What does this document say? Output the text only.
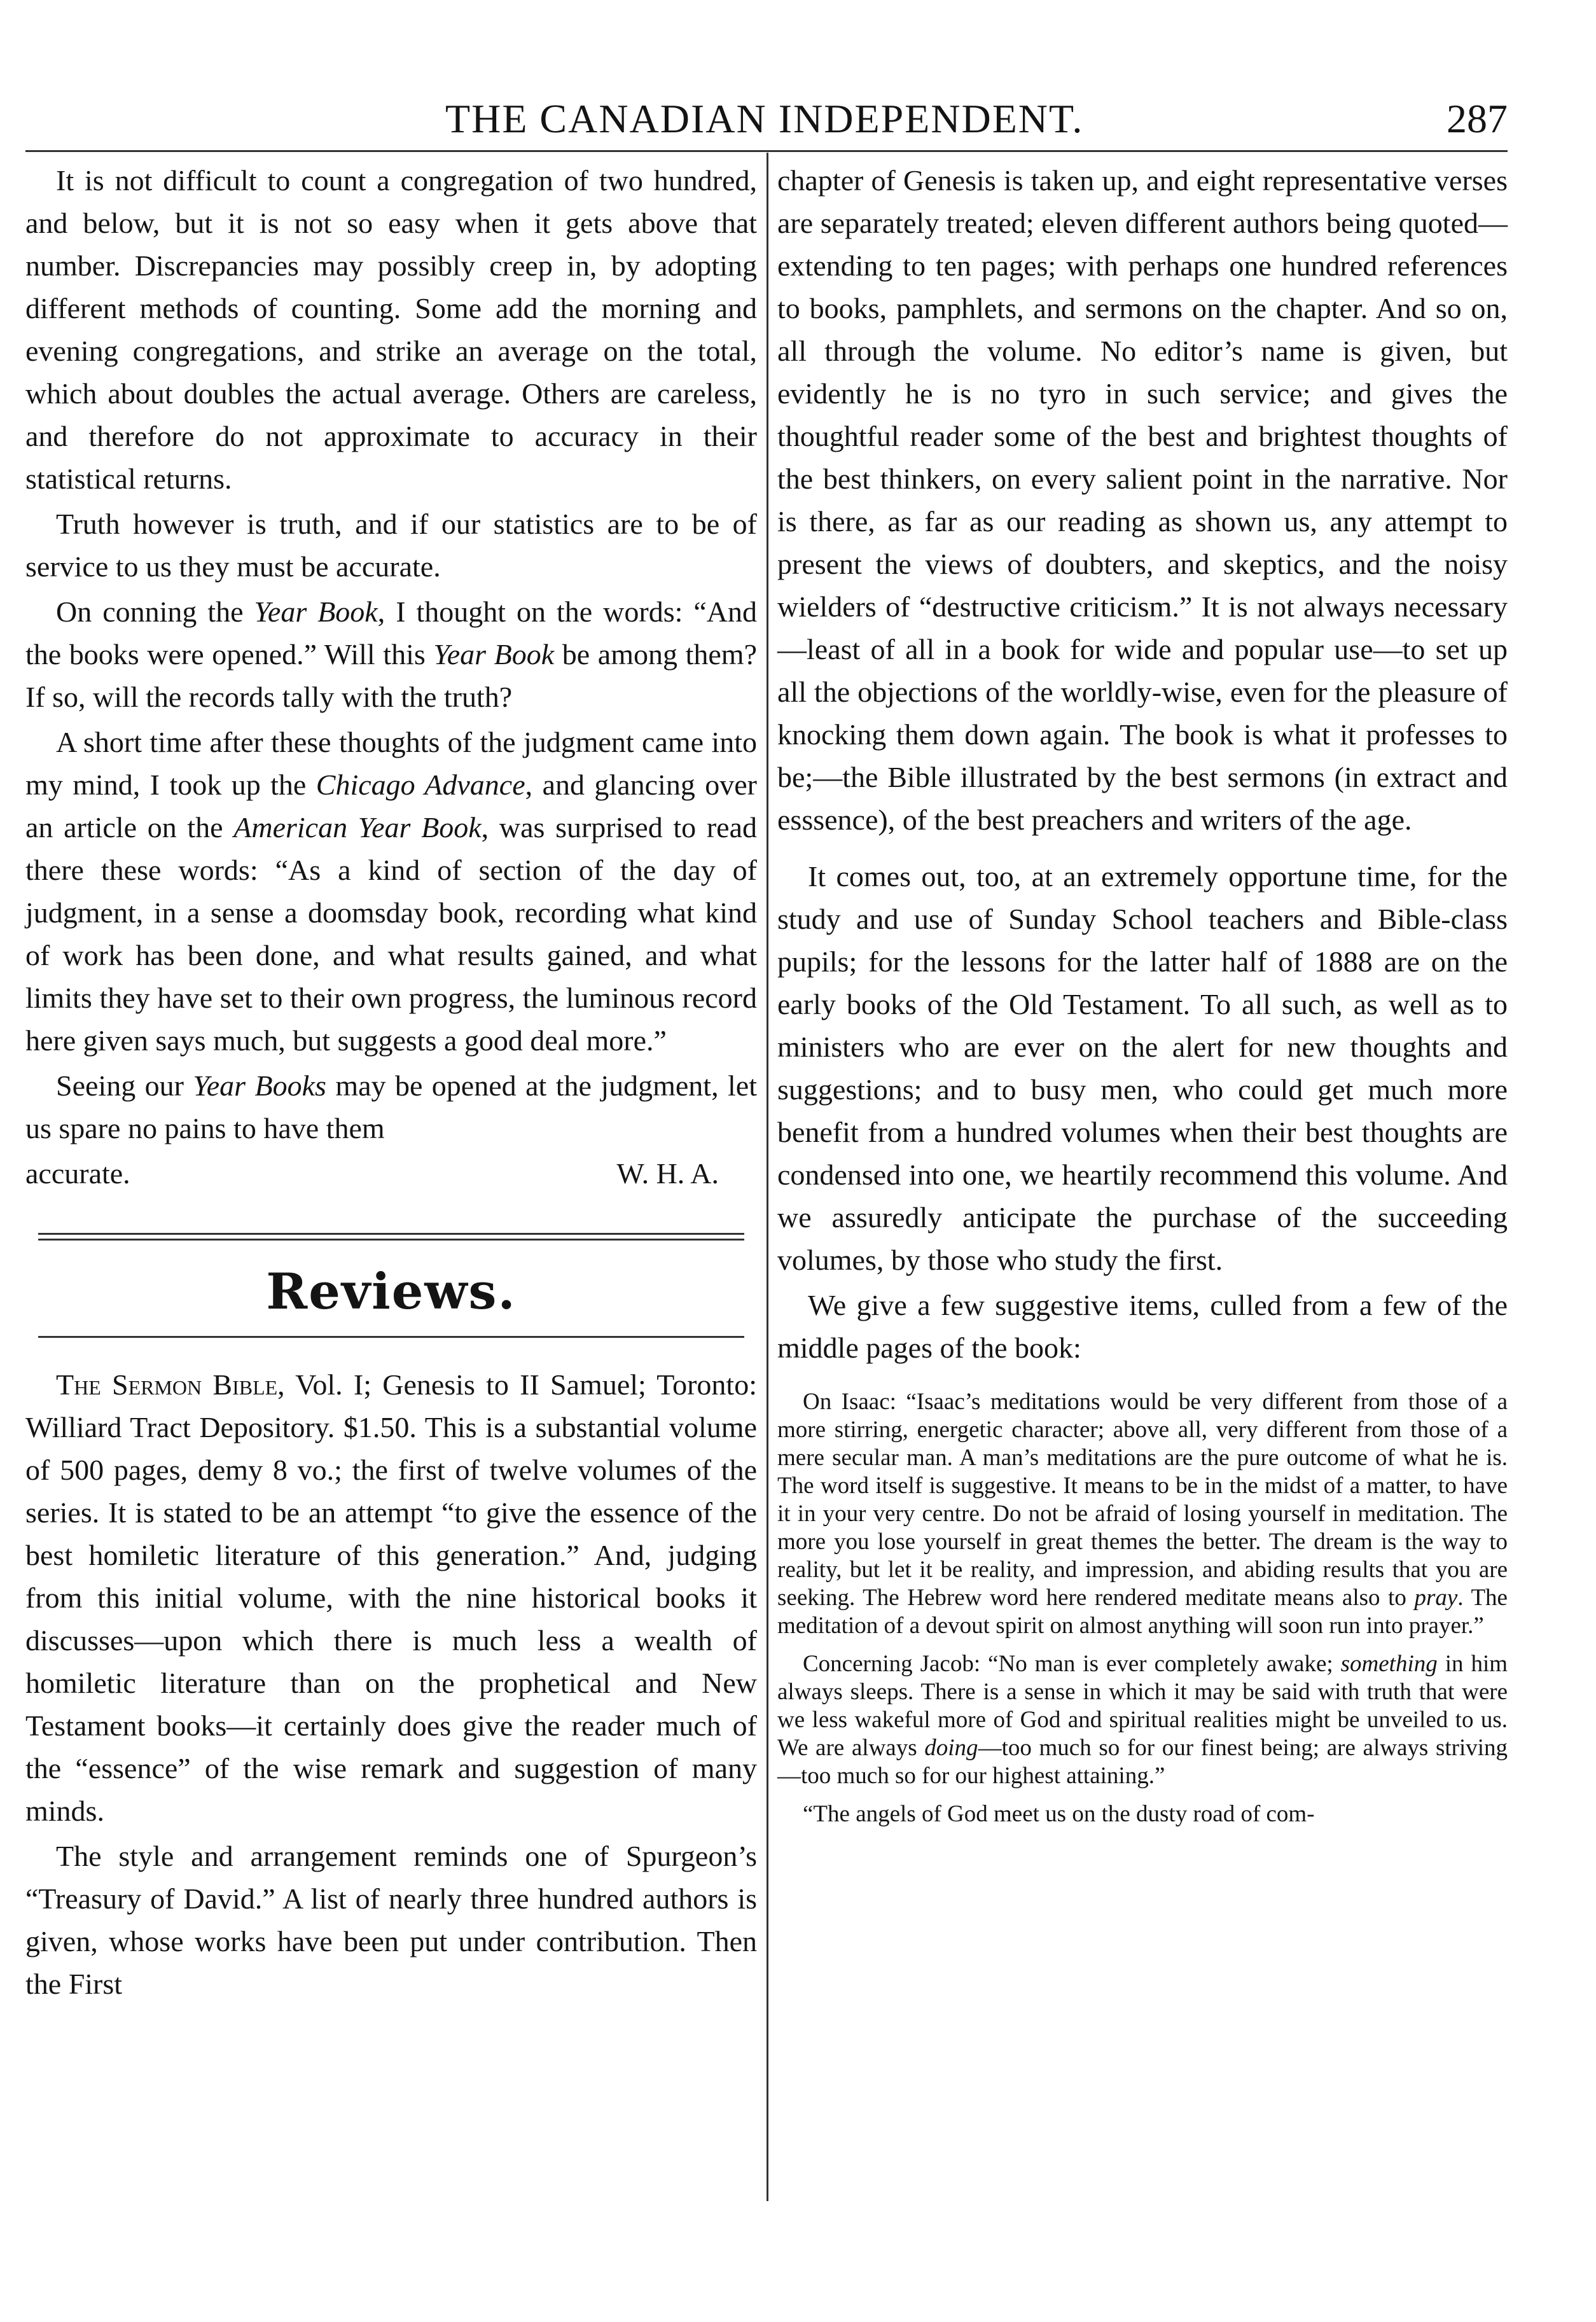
THE CANADIAN INDEPENDENT.	287

It is not difficult to count a congregation of two hundred, and below, but it is not so easy when it gets above that number. Discrepancies may possibly creep in, by adopting different methods of counting. Some add the morning and evening congregations, and strike an average on the total, which about doubles the actual average. Others are careless, and therefore do not approximate to accuracy in their statistical returns.

Truth however is truth, and if our statistics are to be of service to us they must be accurate.

On conning the Year Book, I thought on the words: “And the books were opened.” Will this Year Book be among them? If so, will the records tally with the truth?

A short time after these thoughts of the judgment came into my mind, I took up the Chicago Advance, and glancing over an article on the American Year Book, was surprised to read there these words: “As a kind of section of the day of judgment, in a sense a doomsday book, recording what kind of work has been done, and what results gained, and what limits they have set to their own progress, the luminous record here given says much, but suggests a good deal more.”

Seeing our Year Books may be opened at the judgment, let us spare no pains to have them

accurate.	W. H. A.

Reviews.

The Sermon Bible, Vol. I; Genesis to II Samuel; Toronto: Williard Tract Depository. $1.50. This is a substantial volume of 500 pages, demy 8 vo.; the first of twelve volumes of the series. It is stated to be an attempt “to give the essence of the best homiletic literature of this generation.” And, judging from this initial volume, with the nine historical books it discusses—upon which there is much less a wealth of homiletic literature than on the prophetical and New Testament books—it certainly does give the reader much of the “essence” of the wise remark and suggestion of many minds.

The style and arrangement reminds one of Spurgeon’s “Treasury of David.” A list of nearly three hundred authors is given, whose works have been put under contribution. Then the First

chapter of Genesis is taken up, and eight representative verses are separately treated; eleven different authors being quoted—extending to ten pages; with perhaps one hundred references to books, pamphlets, and sermons on the chapter. And so on, all through the volume. No editor’s name is given, but evidently he is no tyro in such service; and gives the thoughtful reader some of the best and brightest thoughts of the best thinkers, on every salient point in the narrative. Nor is there, as far as our reading as shown us, any attempt to present the views of doubters, and skeptics, and the noisy wielders of “destructive criticism.” It is not always necessary—least of all in a book for wide and popular use—to set up all the objections of the worldly-wise, even for the pleasure of knocking them down again. The book is what it professes to be;—the Bible illustrated by the best sermons (in extract and esssence), of the best preachers and writers of the age.

It comes out, too, at an extremely opportune time, for the study and use of Sunday School teachers and Bible-class pupils; for the lessons for the latter half of 1888 are on the early books of the Old Testament. To all such, as well as to ministers who are ever on the alert for new thoughts and suggestions; and to busy men, who could get much more benefit from a hundred volumes when their best thoughts are condensed into one, we heartily recommend this volume. And we assuredly anticipate the purchase of the succeeding volumes, by those who study the first.

We give a few suggestive items, culled from a few of the middle pages of the book:

On Isaac: “Isaac’s meditations would be very different from those of a more stirring, energetic character; above all, very different from those of a mere secular man. A man’s meditations are the pure outcome of what he is. The word itself is suggestive. It means to be in the midst of a matter, to have it in your very centre. Do not be afraid of losing yourself in meditation. The more you lose yourself in great themes the better. The dream is the way to reality, but let it be reality, and impression, and abiding results that you are seeking. The Hebrew word here rendered meditate means also to pray. The meditation of a devout spirit on almost anything will soon run into prayer.”

Concerning Jacob: “No man is ever completely awake; something in him always sleeps. There is a sense in which it may be said with truth that were we less wakeful more of God and spiritual realities might be unveiled to us. We are always doing—too much so for our finest being; are always striving—too much so for our highest attaining.”

“The angels of God meet us on the dusty road of com-
